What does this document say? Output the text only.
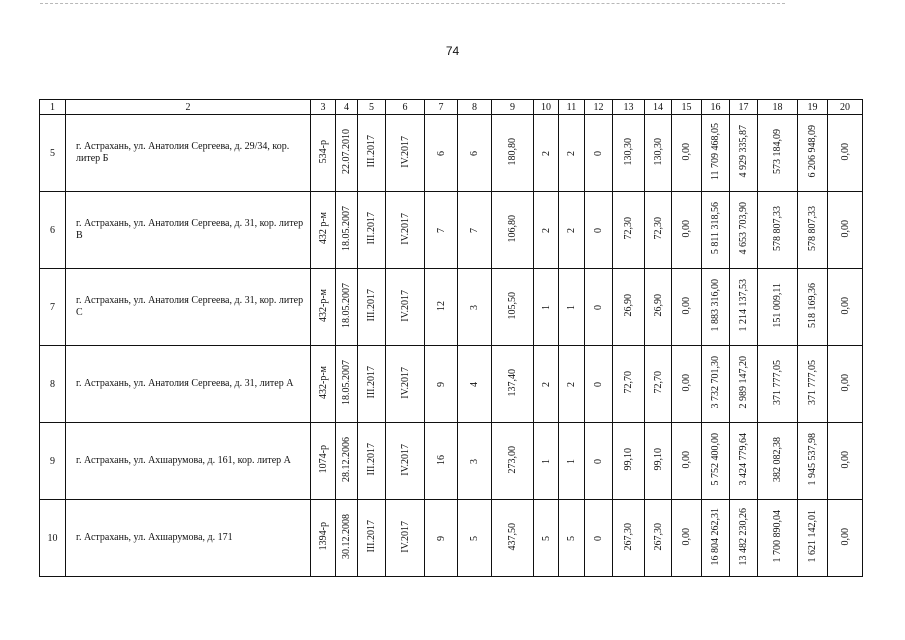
74
1	2	3	4	5	6	7	8	9	10	11	12	13	14	15	16	17	18	19	20
5	г. Астрахань, ул. Анатолия Сергеева, д. 29/34, кор. литер Б	534-р	22.07.2010	III.2017	IV.2017	6	6	180,80	2	2	0	130,30	130,30	0,00	11 709 468,05	4 929 335,87	573 184,09	6 206 948,09	0,00
6	г. Астрахань, ул. Анатолия Сергеева, д. 31, кор. литер В	432 р-м	18.05.2007	III.2017	IV.2017	7	7	106,80	2	2	0	72,30	72,30	0,00	5 811 318,56	4 653 703,90	578 807,33	578 807,33	0,00
7	г. Астрахань, ул. Анатолия Сергеева, д. 31, кор. литер С	432-р-м	18.05.2007	III.2017	IV.2017	12	3	105,50	1	1	0	26,90	26,90	0,00	1 883 316,00	1 214 137,53	151 009,11	518 169,36	0,00
8	г. Астрахань, ул. Анатолия Сергеева, д. 31, литер А	432-р-м	18.05.2007	III.2017	IV.2017	9	4	137,40	2	2	0	72,70	72,70	0,00	3 732 701,30	2 989 147,20	371 777,05	371 777,05	0,00
9	г. Астрахань, ул. Ахшарумова, д. 161, кор. литер А	1074-р	28.12.2006	III.2017	IV.2017	16	3	273,00	1	1	0	99,10	99,10	0,00	5 752 400,00	3 424 779,64	382 082,38	1 945 537,98	0,00
10	г. Астрахань, ул. Ахшарумова, д. 171	1394-р	30.12.2008	III.2017	IV.2017	9	5	437,50	5	5	0	267,30	267,30	0,00	16 804 262,31	13 482 230,26	1 700 890,04	1 621 142,01	0,00
